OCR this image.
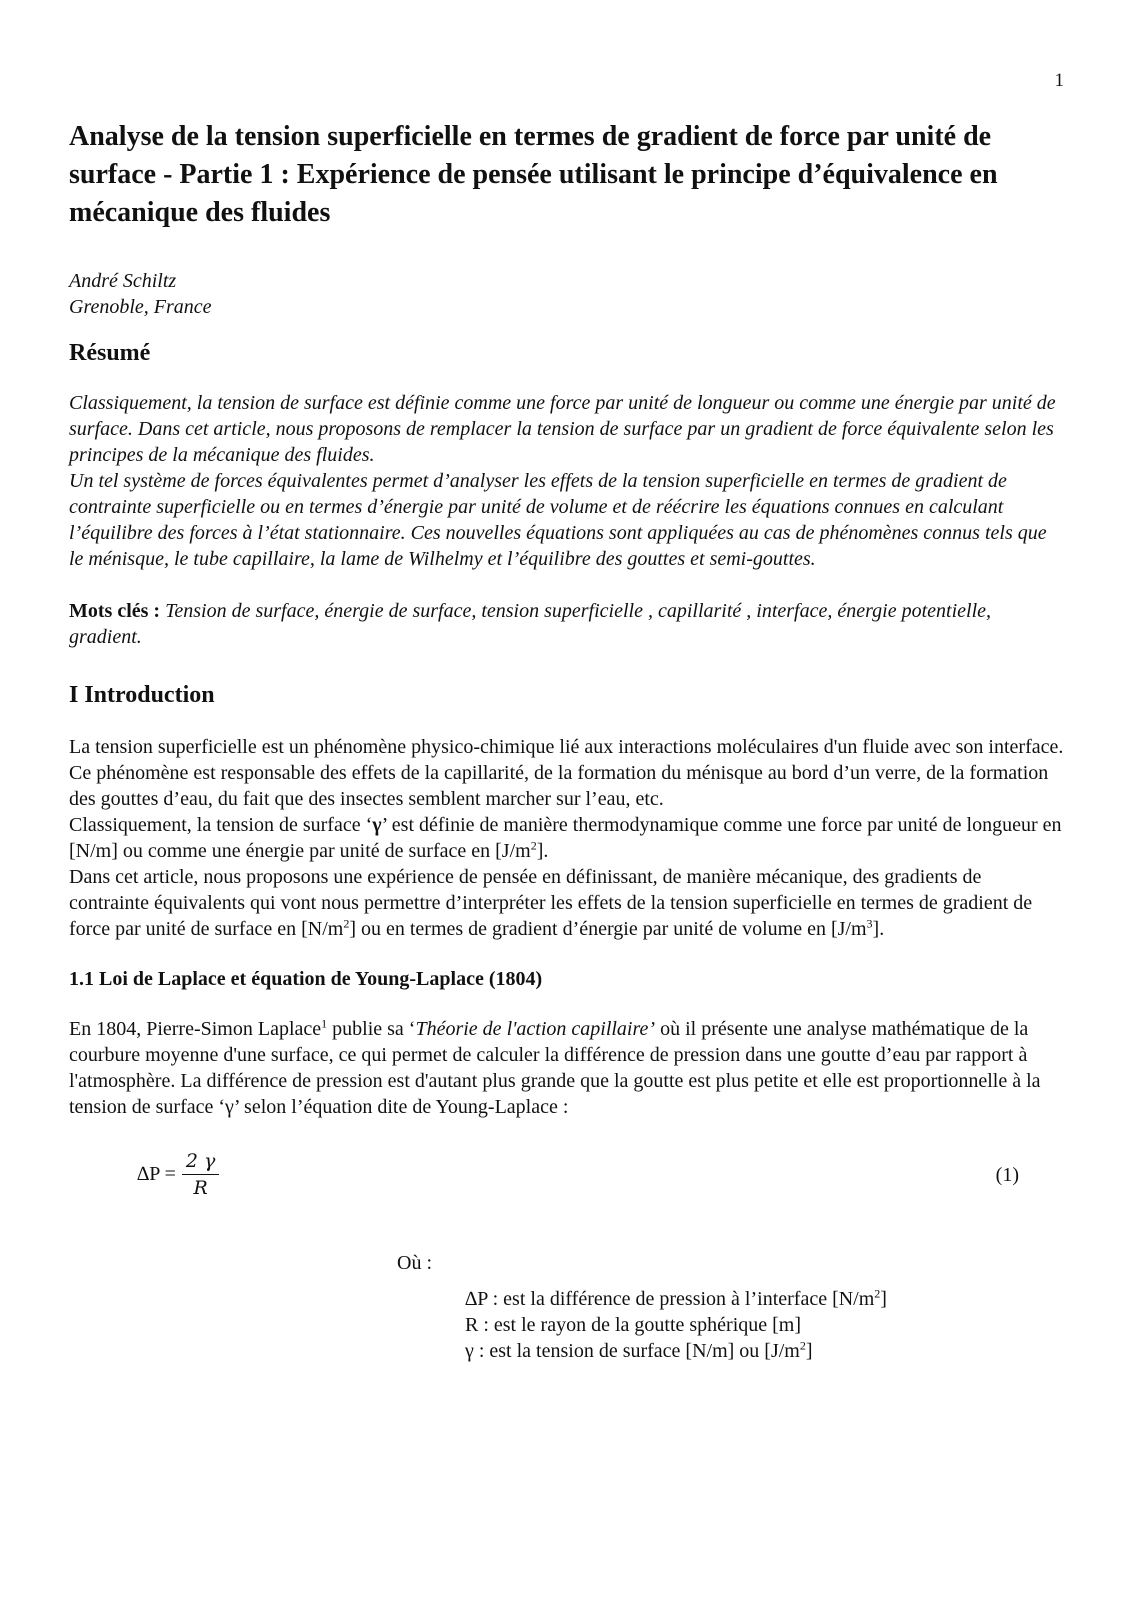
1
Analyse de la tension superficielle en termes de gradient de force par unité de surface - Partie 1 : Expérience de pensée utilisant le principe d’équivalence en mécanique des fluides
André Schiltz
Grenoble, France
Résumé

Classiquement, la tension de surface est définie comme une force par unité de longueur ou comme une énergie par unité de surface. Dans cet article, nous proposons de remplacer la tension de surface par un gradient de force équivalente selon les principes de la mécanique des fluides.

Un tel système de forces équivalentes permet d’analyser les effets de la tension superficielle en termes de gradient de contrainte superficielle ou en termes d’énergie par unité de volume et de réécrire les équations connues en calculant l’équilibre des forces à l’état stationnaire. Ces nouvelles équations sont appliquées au cas de phénomènes connus tels que le ménisque, le tube capillaire, la lame de Wilhelmy et l’équilibre des gouttes et semi-gouttes.

Mots clés : Tension de surface, énergie de surface, tension superficielle , capillarité , interface, énergie potentielle, gradient.
I Introduction

La tension superficielle est un phénomène physico-chimique lié aux interactions moléculaires d'un fluide avec son interface. Ce phénomène est responsable des effets de la capillarité, de la formation du ménisque au bord d’un verre, de la formation des gouttes d’eau, du fait que des insectes semblent marcher sur l’eau, etc.

Classiquement, la tension de surface ‘γ’ est définie de manière thermodynamique comme une force par unité de longueur en [N/m] ou comme une énergie par unité de surface en $[J/m^2]$.

Dans cet article, nous proposons une expérience de pensée en définissant, de manière mécanique, des gradients de contrainte équivalents qui vont nous permettre d’interpréter les effets de la tension superficielle en termes de gradient de force par unité de surface en $[N/m^2]$ ou en termes de gradient d’énergie par unité de volume en $[J/m^3]$.

1.1 Loi de Laplace et équation de Young-Laplace (1804)
En 1804, Pierre-Simon Laplace$^1$ publie sa ‘Théorie de l'action capillaire’ où il présente une analyse mathématique de la courbure moyenne d'une surface, ce qui permet de calculer la différence de pression dans une goutte d’eau par rapport à l'atmosphère. La différence de pression est d'autant plus grande que la goutte est plus petite et elle est proportionnelle à la tension de surface ‘γ’ selon l’équation dite de Young-Laplace :
$\Delta P = \frac{2 \gamma}{R}$	(1)
Où :
∆P : est la différence de pression à l’interface $[N/m^2]$
R : est le rayon de la goutte sphérique [m]
γ : est la tension de surface [N/m] ou $[J/m^2]$
